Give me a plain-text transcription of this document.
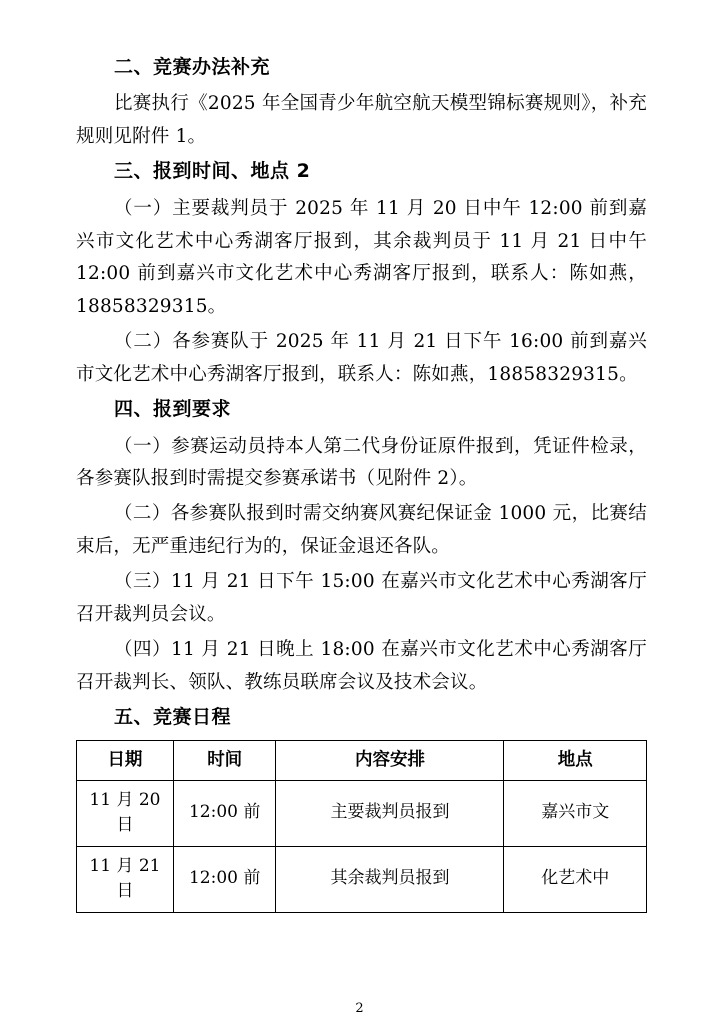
二、竞赛办法补充

比赛执行《2025 年全国青少年航空航天模型锦标赛规则》，补充规则见附件 1。

三、报到时间、地点 2

（一）主要裁判员于 2025 年 11 月 20 日中午 12:00 前到嘉兴市文化艺术中心秀湖客厅报到，其余裁判员于 11 月 21 日中午 12:00 前到嘉兴市文化艺术中心秀湖客厅报到，联系人：陈如燕，18858329315。

（二）各参赛队于 2025 年 11 月 21 日下午 16:00 前到嘉兴市文化艺术中心秀湖客厅报到，联系人：陈如燕，18858329315。

四、报到要求

（一）参赛运动员持本人第二代身份证原件报到，凭证件检录，各参赛队报到时需提交参赛承诺书（见附件 2）。

（二）各参赛队报到时需交纳赛风赛纪保证金 1000 元，比赛结束后，无严重违纪行为的，保证金退还各队。

（三）11 月 21 日下午 15:00 在嘉兴市文化艺术中心秀湖客厅召开裁判员会议。

（四）11 月 21 日晚上 18:00 在嘉兴市文化艺术中心秀湖客厅召开裁判长、领队、教练员联席会议及技术会议。

五、竞赛日程
日期	时间	内容安排	地点
11 月 20 日	12:00 前	主要裁判员报到	嘉兴市文
11 月 21 日	12:00 前	其余裁判员报到	化艺术中
2
